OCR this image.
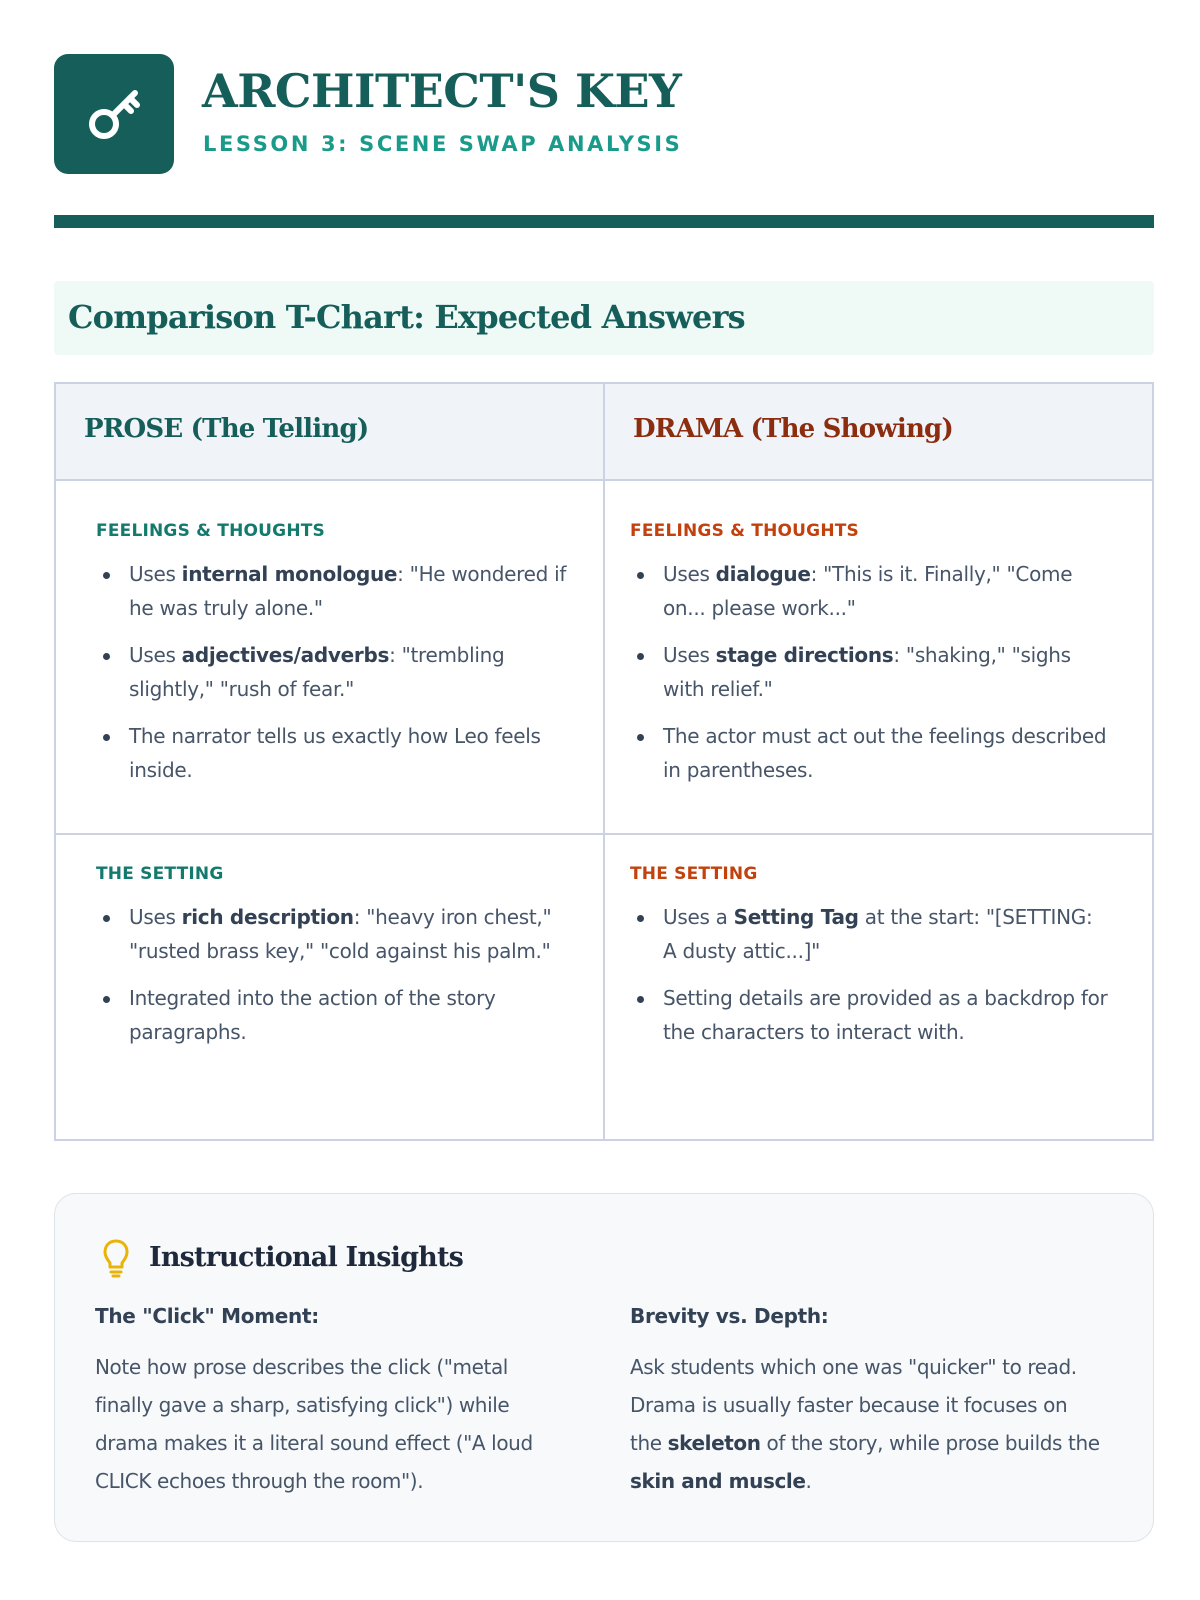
ARCHITECT'S KEY
LESSON 3: SCENE SWAP ANALYSIS
Comparison T-Chart: Expected Answers
PROSE (The Telling)	DRAMA (The Showing)
FEELINGS & THOUGHTS
Uses internal monologue: "He wondered if he was truly alone."
Uses adjectives/adverbs: "trembling slightly," "rush of fear."
The narrator tells us exactly how Leo feels inside.
FEELINGS & THOUGHTS
Uses dialogue: "This is it. Finally," "Come on... please work..."
Uses stage directions: "shaking," "sighs with relief."
The actor must act out the feelings described in parentheses.
THE SETTING
Uses rich description: "heavy iron chest," "rusted brass key," "cold against his palm."
Integrated into the action of the story paragraphs.
THE SETTING
Uses a Setting Tag at the start: "[SETTING: A dusty attic...]"
Setting details are provided as a backdrop for the characters to interact with.
Instructional Insights
The "Click" Moment:
Note how prose describes the click ("metal finally gave a sharp, satisfying click") while drama makes it a literal sound effect ("A loud CLICK echoes through the room").
Brevity vs. Depth:
Ask students which one was "quicker" to read. Drama is usually faster because it focuses on the skeleton of the story, while prose builds the skin and muscle.
